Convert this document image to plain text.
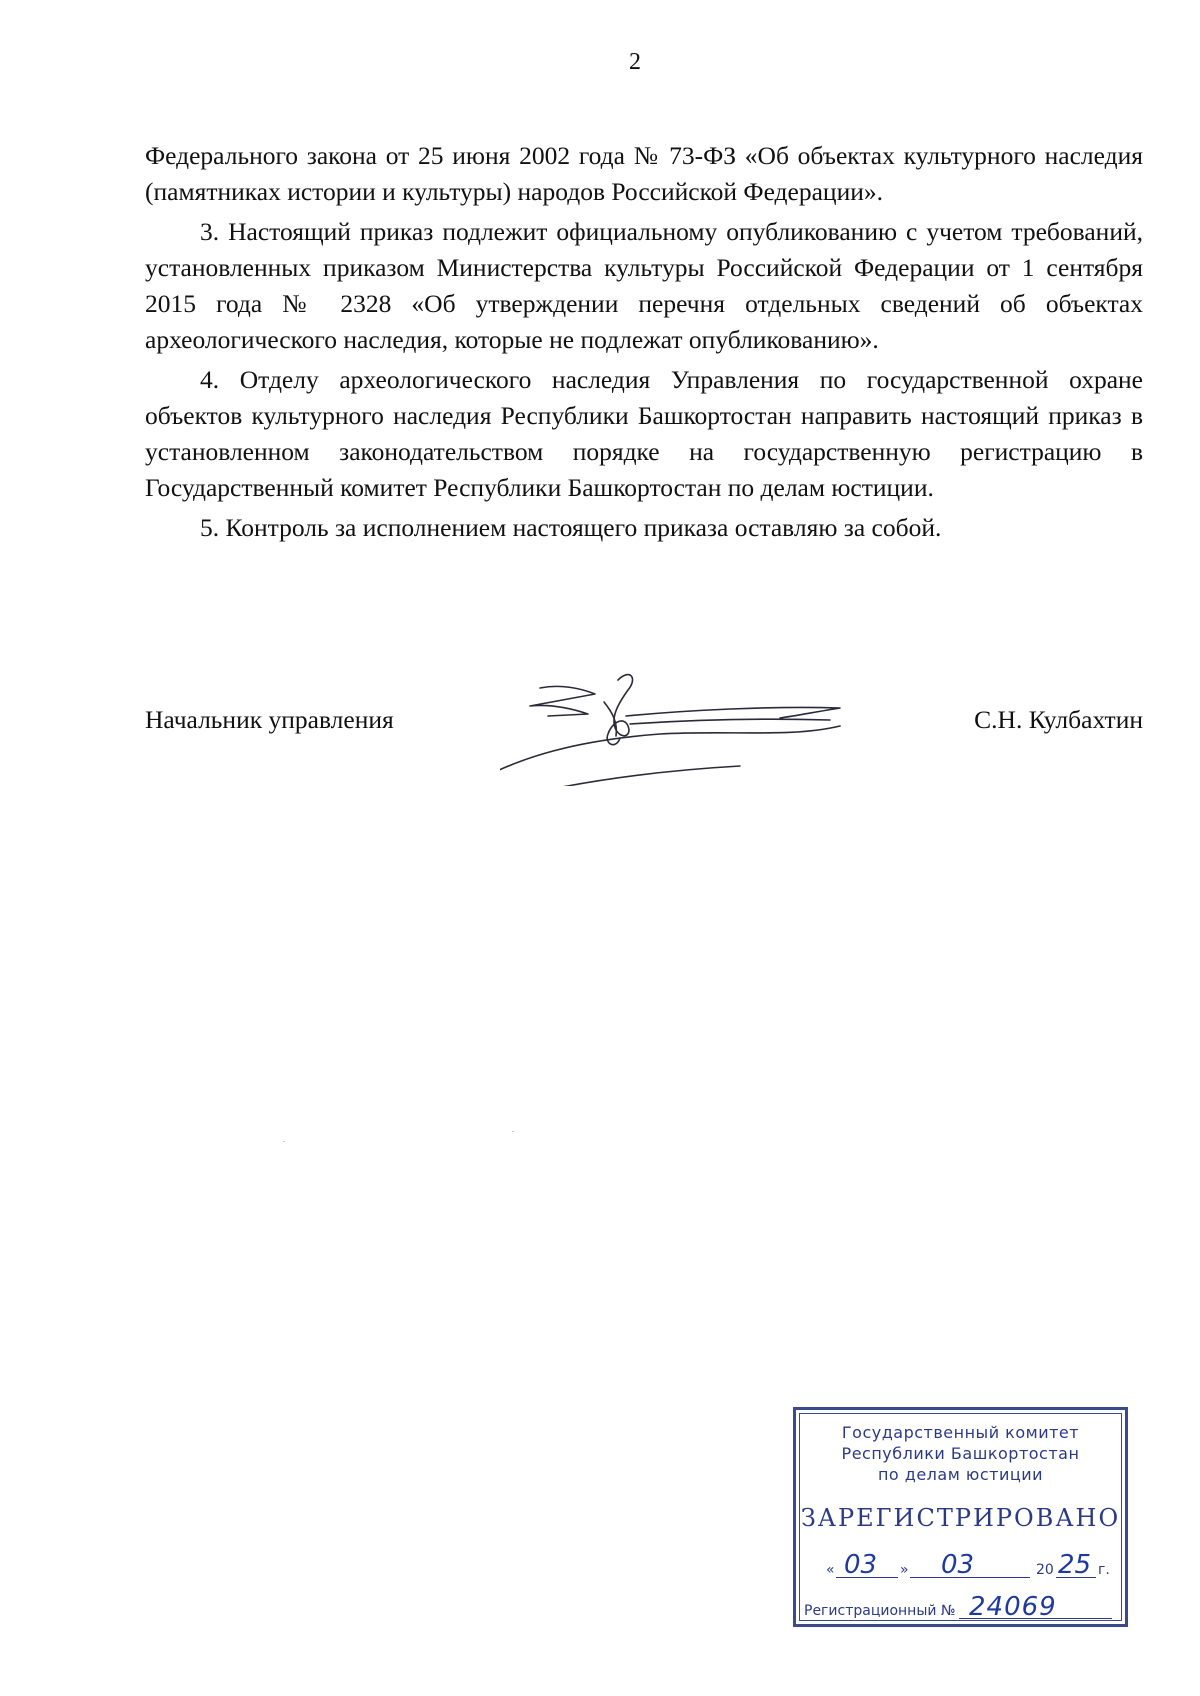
2

Федерального закона от 25 июня 2002 года № 73-ФЗ «Об объектах культурного наследия (памятниках истории и культуры) народов Российской Федерации».

3. Настоящий приказ подлежит официальному опубликованию с учетом требований, установленных приказом Министерства культуры Российской Федерации от 1 сентября 2015 года № 2328 «Об утверждении перечня отдельных сведений об объектах археологического наследия, которые не подлежат опубликованию».

4. Отделу археологического наследия Управления по государственной охране объектов культурного наследия Республики Башкортостан направить настоящий приказ в установленном законодательством порядке на государственную регистрацию в Государственный комитет Республики Башкортостан по делам юстиции.

5. Контроль за исполнением настоящего приказа оставляю за собой.

Начальник управления	С.Н. Кулбахтин
Государственный комитет
Республики Башкортостан
по делам юстиции
ЗАРЕГИСТРИРОВАНО
« 03 » 03	20 25 г.
Регистрационный № 24069
